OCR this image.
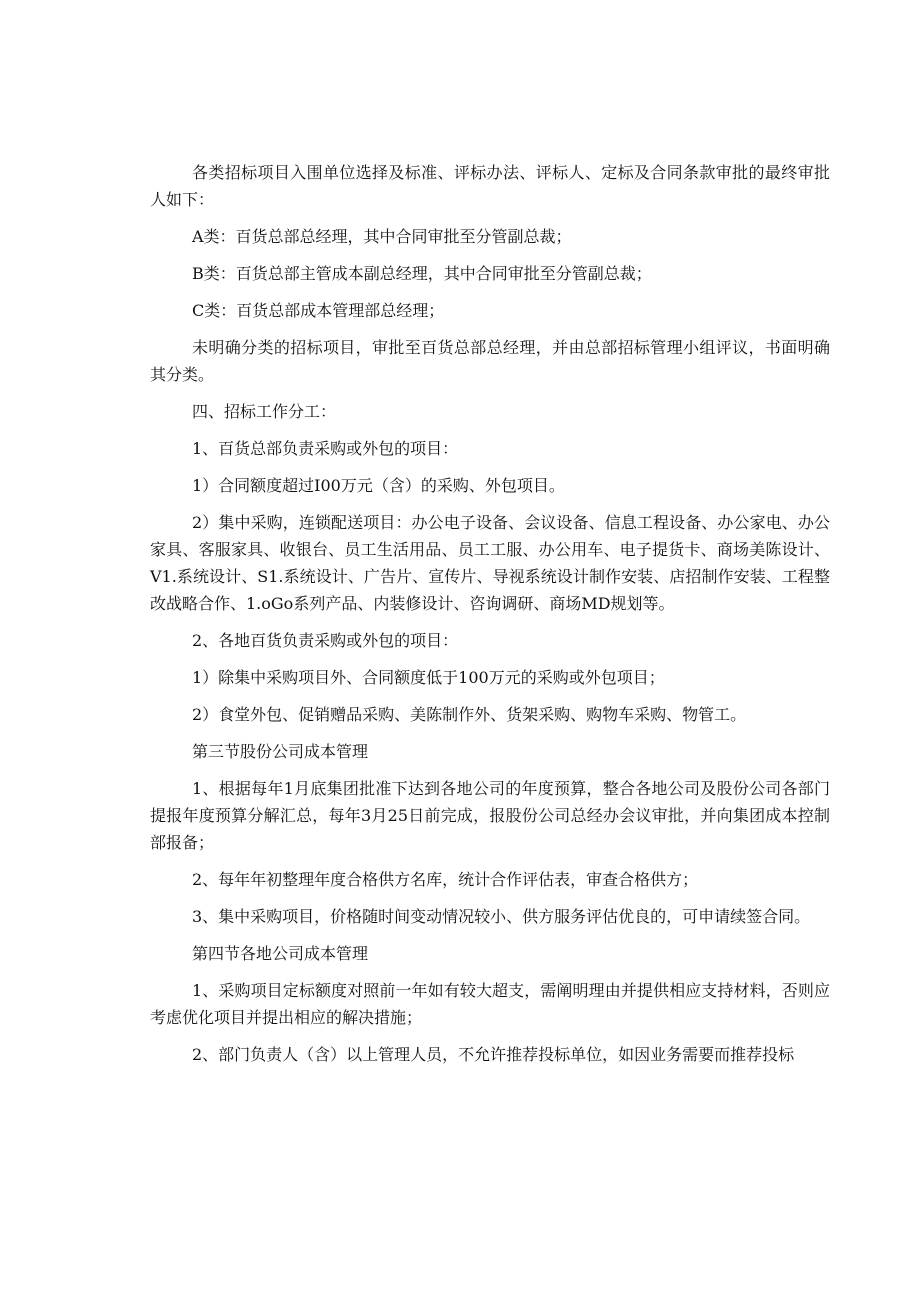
各类招标项目入围单位选择及标准、评标办法、评标人、定标及合同条款审批的最终审批人如下：

A类：百货总部总经理，其中合同审批至分管副总裁；

B类：百货总部主管成本副总经理，其中合同审批至分管副总裁；

C类：百货总部成本管理部总经理；

未明确分类的招标项目，审批至百货总部总经理，并由总部招标管理小组评议，书面明确其分类。

四、招标工作分工：

1、百货总部负责采购或外包的项目：

1）合同额度超过I00万元（含）的采购、外包项目。

2）集中采购，连锁配送项目：办公电子设备、会议设备、信息工程设备、办公家电、办公家具、客服家具、收银台、员工生活用品、员工工服、办公用车、电子提货卡、商场美陈设计、V1.系统设计、S1.系统设计、广告片、宣传片、导视系统设计制作安装、店招制作安装、工程整改战略合作、1.oGo系列产品、内装修设计、咨询调研、商场MD规划等。

2、各地百货负责采购或外包的项目：

1）除集中采购项目外、合同额度低于100万元的采购或外包项目；

2）食堂外包、促销赠品采购、美陈制作外、货架采购、购物车采购、物管工。

第三节股份公司成本管理

1、根据每年1月底集团批准下达到各地公司的年度预算，整合各地公司及股份公司各部门提报年度预算分解汇总，每年3月25日前完成，报股份公司总经办会议审批，并向集团成本控制部报备；

2、每年年初整理年度合格供方名库，统计合作评估表，审查合格供方；

3、集中采购项目，价格随时间变动情况较小、供方服务评估优良的，可申请续签合同。

第四节各地公司成本管理

1、采购项目定标额度对照前一年如有较大超支，需阐明理由并提供相应支持材料，否则应考虑优化项目并提出相应的解决措施；

2、部门负责人（含）以上管理人员，不允许推荐投标单位，如因业务需要而推荐投标
